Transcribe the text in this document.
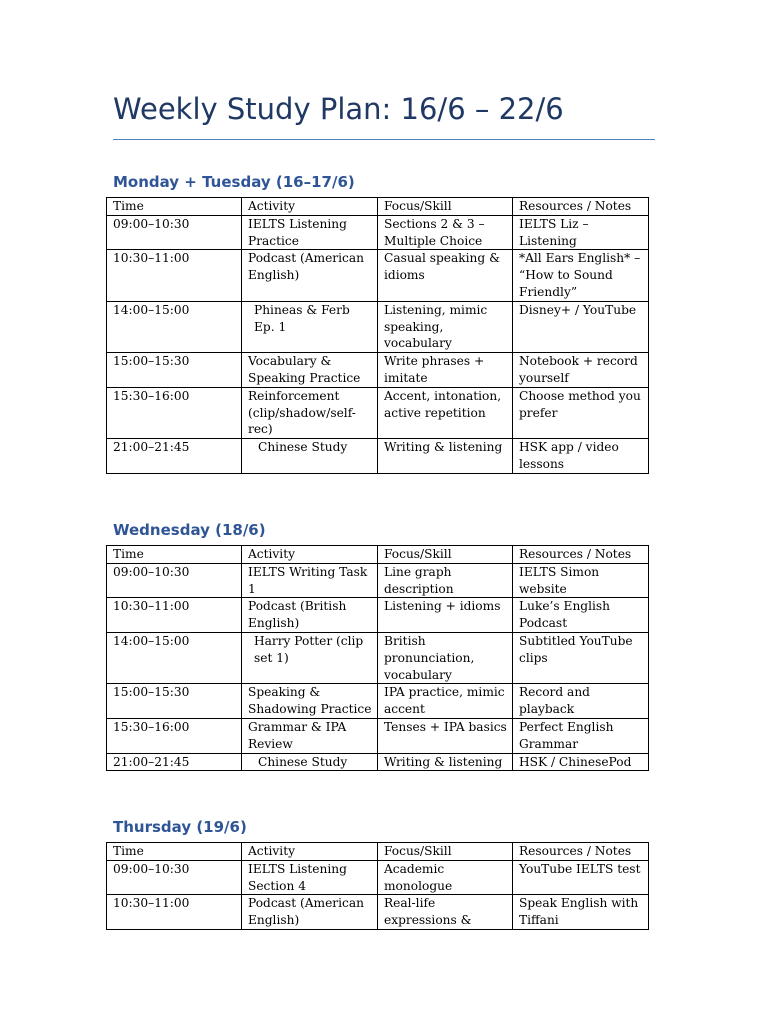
Weekly Study Plan: 16/6 – 22/6
Monday + Tuesday (16–17/6)
Time	Activity	Focus/Skill	Resources / Notes
09:00–10:30	IELTS Listening Practice	Sections 2 & 3 – Multiple Choice	IELTS Liz – Listening
10:30–11:00	Podcast (American English)	Casual speaking & idioms	*All Ears English* – “How to Sound Friendly”
14:00–15:00	Phineas & Ferb Ep. 1	Listening, mimic speaking, vocabulary	Disney+ / YouTube
15:00–15:30	Vocabulary & Speaking Practice	Write phrases + imitate	Notebook + record yourself
15:30–16:00	Reinforcement (clip/shadow/self-rec)	Accent, intonation, active repetition	Choose method you prefer
21:00–21:45	Chinese Study	Writing & listening	HSK app / video lessons
Wednesday (18/6)
Time	Activity	Focus/Skill	Resources / Notes
09:00–10:30	IELTS Writing Task 1	Line graph description	IELTS Simon website
10:30–11:00	Podcast (British English)	Listening + idioms	Luke’s English Podcast
14:00–15:00	Harry Potter (clip set 1)	British pronunciation, vocabulary	Subtitled YouTube clips
15:00–15:30	Speaking & Shadowing Practice	IPA practice, mimic accent	Record and playback
15:30–16:00	Grammar & IPA Review	Tenses + IPA basics	Perfect English Grammar
21:00–21:45	Chinese Study	Writing & listening	HSK / ChinesePod
Thursday (19/6)
Time	Activity	Focus/Skill	Resources / Notes
09:00–10:30	IELTS Listening Section 4	Academic monologue	YouTube IELTS test
10:30–11:00	Podcast (American English)	Real-life expressions &	Speak English with Tiffani
